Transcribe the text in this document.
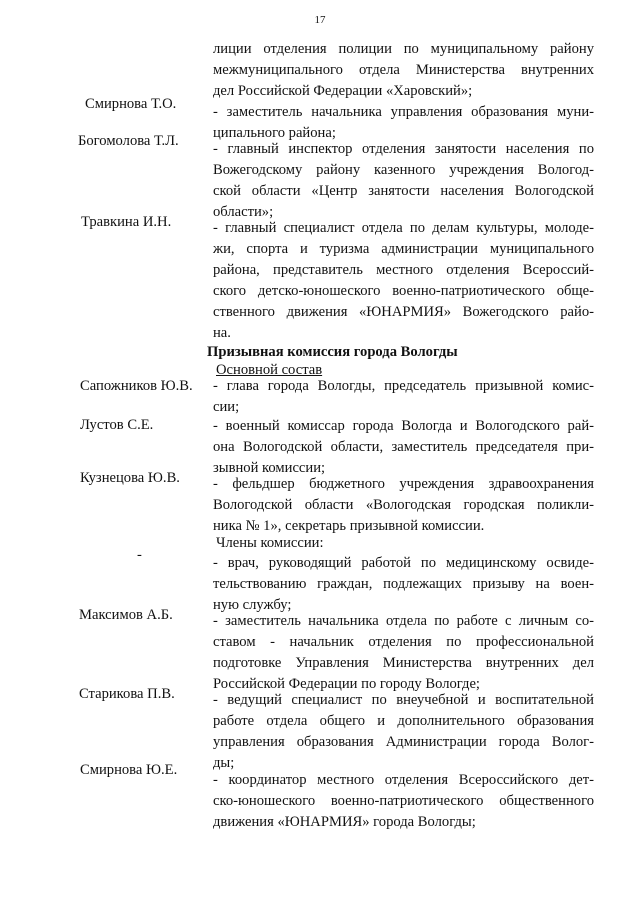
17
лиции отделения полиции по муниципальному району
межмуниципального отдела Министерства внутренних
дел Российской Федерации «Харовский»;
Смирнова Т.О.	- заместитель начальника управления образования муни-
ципального района;
Богомолова Т.Л. - главный инспектор отделения занятости населения по
Вожегодскому району казенного учреждения Вологод-
ской области «Центр занятости населения Вологодской
области»;
Травкина И.Н.	- главный специалист отдела по делам культуры, молоде-
жи, спорта и туризма администрации муниципального
района, представитель местного отделения Всероссий-
ского детско-юношеского военно-патриотического обще-
ственного движения «ЮНАРМИЯ» Вожегодского райо-
на.
Призывная комиссия города Вологды
Основной состав
Сапожников Ю.В. - глава города Вологды, председатель призывной комис-
сии;
Лустов С.Е.	- военный комиссар города Вологда и Вологодского рай-
она Вологодской области, заместитель председателя при-
зывной комиссии;
Кузнецова Ю.В. - фельдшер бюджетного учреждения здравоохранения
Вологодской области «Вологодская городская поликли-
ника № 1», секретарь призывной комиссии.
Члены комиссии:
-	- врач, руководящий работой по медицинскому освиде-
тельствованию граждан, подлежащих призыву на воен-
ную службу;
Максимов А.Б.	- заместитель начальника отдела по работе с личным со-
ставом - начальник отделения по профессиональной
подготовке Управления Министерства внутренних дел
Российской Федерации по городу Вологде;
Старикова П.В.	- ведущий специалист по внеучебной и воспитательной
работе отдела общего и дополнительного образования
управления образования Администрации города Волог-
ды;
Смирнова Ю.Е.
- координатор местного отделения Всероссийского дет-
ско-юношеского военно-патриотического общественного
движения «ЮНАРМИЯ» города Вологды;
